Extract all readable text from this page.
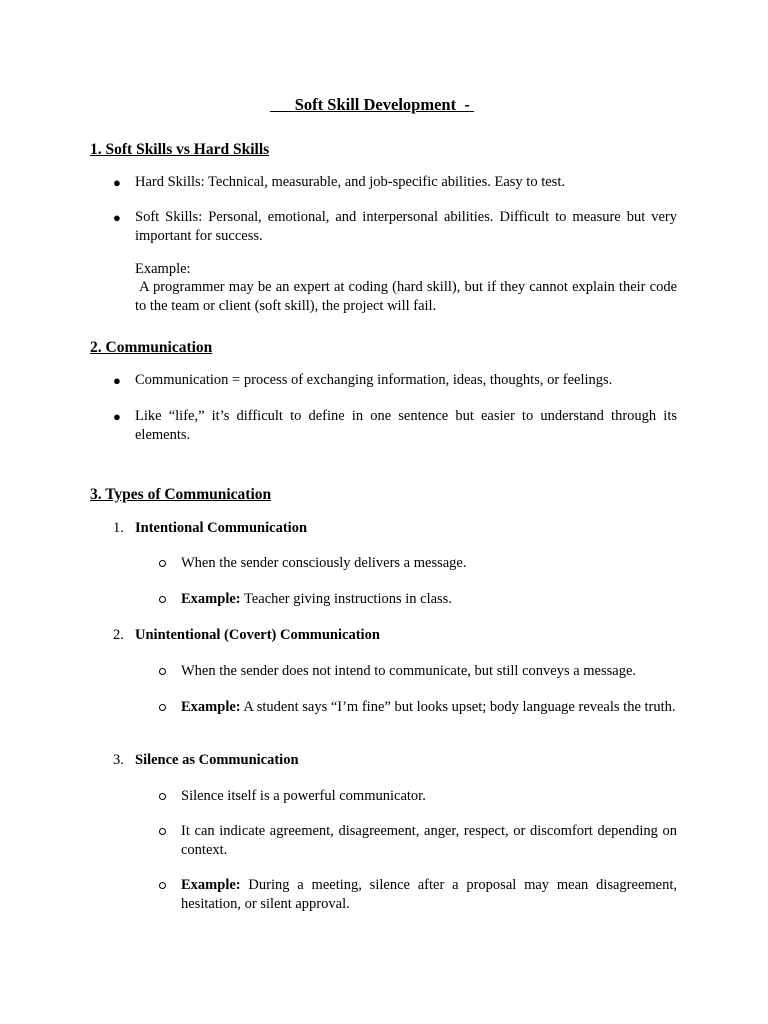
Soft Skill Development -
1. Soft Skills vs Hard Skills
● Hard Skills: Technical, measurable, and job-specific abilities. Easy to test.
● Soft Skills: Personal, emotional, and interpersonal abilities. Difficult to measure but very important for success.
Example:
A programmer may be an expert at coding (hard skill), but if they cannot explain their code to the team or client (soft skill), the project will fail.
2. Communication
● Communication = process of exchanging information, ideas, thoughts, or feelings.
● Like “life,” it’s difficult to define in one sentence but easier to understand through its elements.
3. Types of Communication
1. Intentional Communication
When the sender consciously delivers a message.
Example: Teacher giving instructions in class.
2. Unintentional (Covert) Communication
When the sender does not intend to communicate, but still conveys a message.
Example: A student says “I’m fine” but looks upset; body language reveals the truth.
3. Silence as Communication
Silence itself is a powerful communicator.
It can indicate agreement, disagreement, anger, respect, or discomfort depending on context.
Example: During a meeting, silence after a proposal may mean disagreement, hesitation, or silent approval.
